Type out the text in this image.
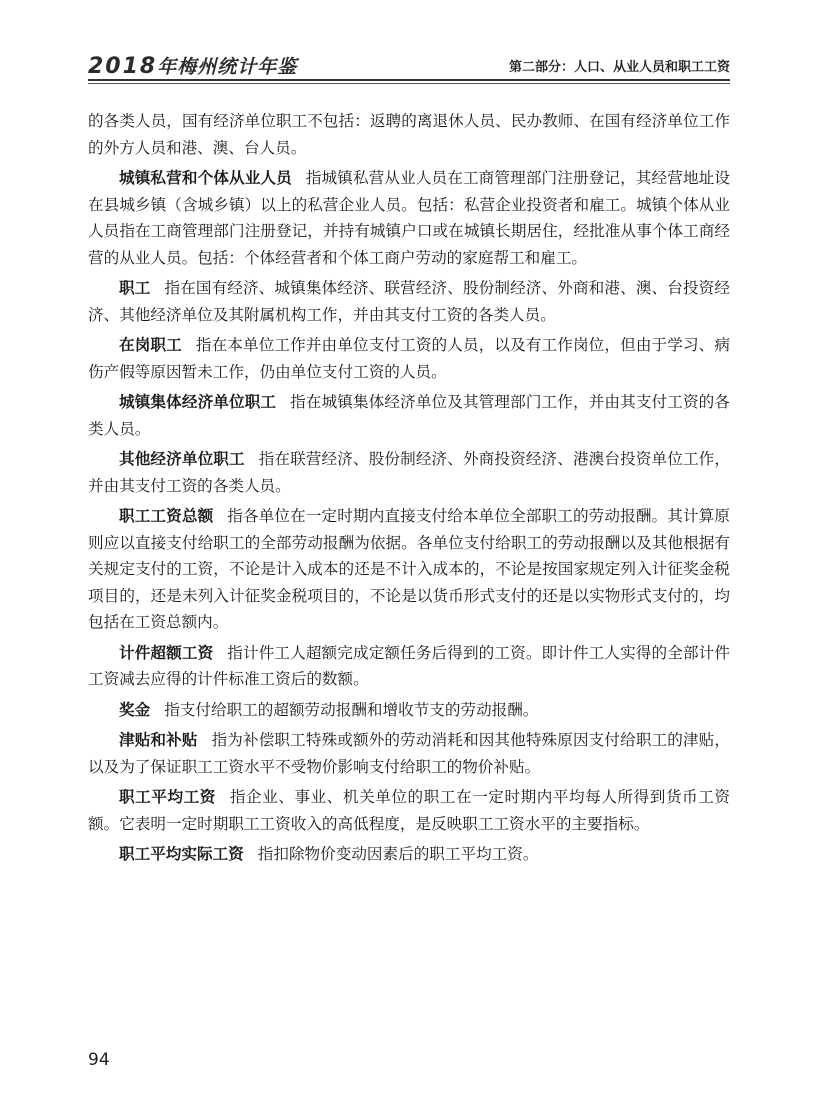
2018年梅州统计年鉴	第二部分：人口、从业人员和职工工资

的各类人员，国有经济单位职工不包括：返聘的离退休人员、民办教师、在国有经济单位工作的外方人员和港、澳、台人员。

城镇私营和个体从业人员 指城镇私营从业人员在工商管理部门注册登记，其经营地址设在县城乡镇（含城乡镇）以上的私营企业人员。包括：私营企业投资者和雇工。城镇个体从业人员指在工商管理部门注册登记，并持有城镇户口或在城镇长期居住，经批准从事个体工商经营的从业人员。包括：个体经营者和个体工商户劳动的家庭帮工和雇工。

职工 指在国有经济、城镇集体经济、联营经济、股份制经济、外商和港、澳、台投资经济、其他经济单位及其附属机构工作，并由其支付工资的各类人员。

在岗职工 指在本单位工作并由单位支付工资的人员，以及有工作岗位，但由于学习、病伤产假等原因暂未工作，仍由单位支付工资的人员。

城镇集体经济单位职工 指在城镇集体经济单位及其管理部门工作，并由其支付工资的各类人员。

其他经济单位职工 指在联营经济、股份制经济、外商投资经济、港澳台投资单位工作，并由其支付工资的各类人员。

职工工资总额 指各单位在一定时期内直接支付给本单位全部职工的劳动报酬。其计算原则应以直接支付给职工的全部劳动报酬为依据。各单位支付给职工的劳动报酬以及其他根据有关规定支付的工资，不论是计入成本的还是不计入成本的，不论是按国家规定列入计征奖金税项目的，还是未列入计征奖金税项目的，不论是以货币形式支付的还是以实物形式支付的，均包括在工资总额内。

计件超额工资 指计件工人超额完成定额任务后得到的工资。即计件工人实得的全部计件工资减去应得的计件标准工资后的数额。

奖金 指支付给职工的超额劳动报酬和增收节支的劳动报酬。

津贴和补贴 指为补偿职工特殊或额外的劳动消耗和因其他特殊原因支付给职工的津贴，以及为了保证职工工资水平不受物价影响支付给职工的物价补贴。

职工平均工资 指企业、事业、机关单位的职工在一定时期内平均每人所得到货币工资额。它表明一定时期职工工资收入的高低程度，是反映职工工资水平的主要指标。

职工平均实际工资 指扣除物价变动因素后的职工平均工资。

94
